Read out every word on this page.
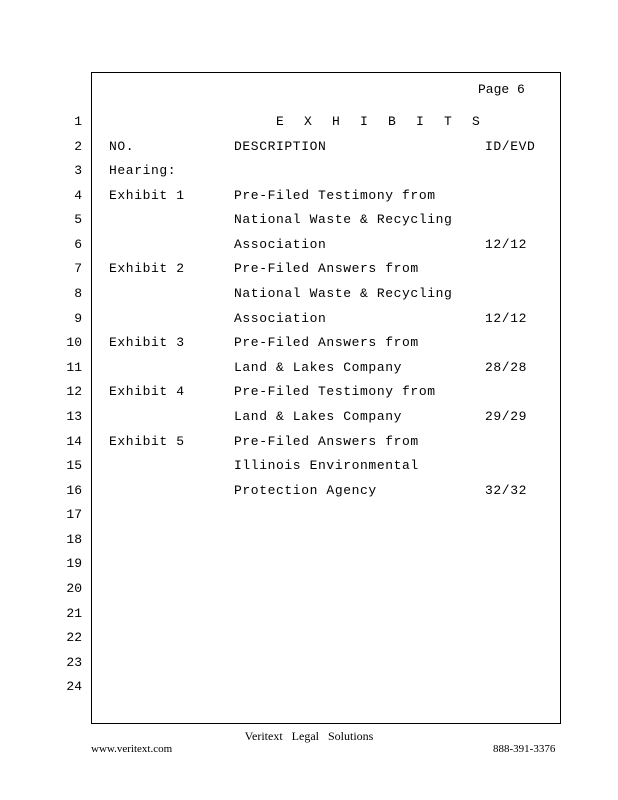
Page 6
1
2
3
4
5
6
7
8
9
10
11
12
13
14
15
16
17
18
19
20
21
22
23
24
E X H I B I T S
NO.	DESCRIPTION	ID/EVD
Hearing:
Exhibit 1	Pre-Filed Testimony from
National Waste & Recycling
Association	12/12
Exhibit 2	Pre-Filed Answers from
National Waste & Recycling
Association	12/12
Exhibit 3	Pre-Filed Answers from
Land & Lakes Company	28/28
Exhibit 4	Pre-Filed Testimony from
Land & Lakes Company	29/29
Exhibit 5	Pre-Filed Answers from
Illinois Environmental
Protection Agency	32/32
Veritext Legal Solutions
www.veritext.com	888-391-3376
